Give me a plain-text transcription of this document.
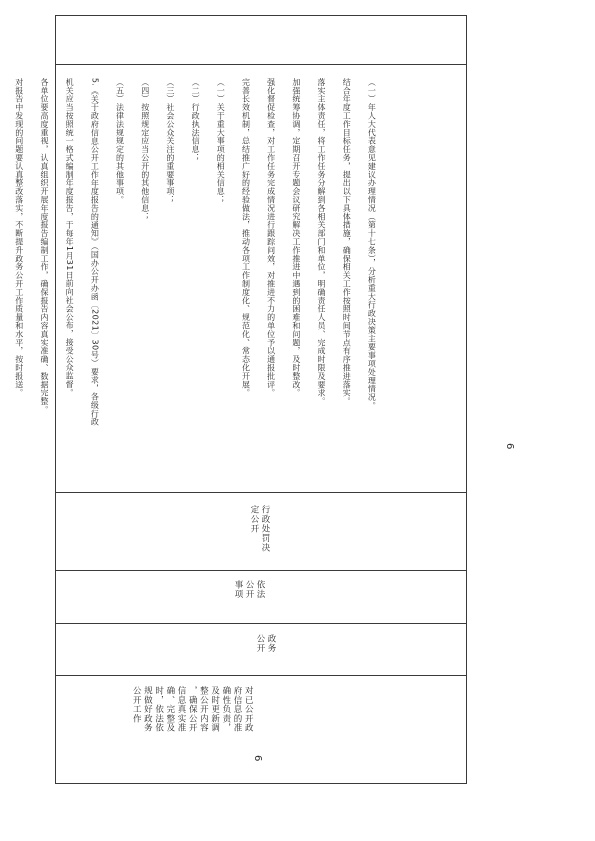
（一）年人大代表意见建议办理情况（第十七条），分析重大行政决策主要事项处理情况。

结合年度工作目标任务，提出以下具体措施，确保相关工作按照时间节点有序推进落实。

落实主体责任，将工作任务分解到各相关部门和单位，明确责任人员、完成时限及要求。

加强统筹协调，定期召开专题会议研究解决工作推进中遇到的困难和问题，及时整改。

强化督促检查，对工作任务完成情况进行跟踪问效，对推进不力的单位予以通报批评。

完善长效机制，总结推广好的经验做法，推动各项工作制度化、规范化、常态化开展。

（一）关于重大事项的相关信息；

（二）行政执法信息；

（三）社会公众关注的重要事项；

（四）按照规定应当公开的其他信息；

（五）法律法规规定的其他事项。

5.《关于政府信息公开工作年度报告的通知》（国办公开办函〔2021〕30号）要求，各级行政

机关应当按照统一格式编制年度报告，于每年1月31日前向社会公布，接受公众监督。

各单位要高度重视，认真组织开展年度报告编制工作，确保报告内容真实准确、数据完整。

对报告中发现的问题要认真整改落实，不断提升政务公开工作质量和水平，按时报送。

行政处罚决
定公开
依法
公开
事项
政务
公开
对已公开政
府信息的准
确性负责，
及时更新调
整公开内容
，确保公开
信息真实准
确、完整及
时，依法依
规做好政务
公开工作
6
6
